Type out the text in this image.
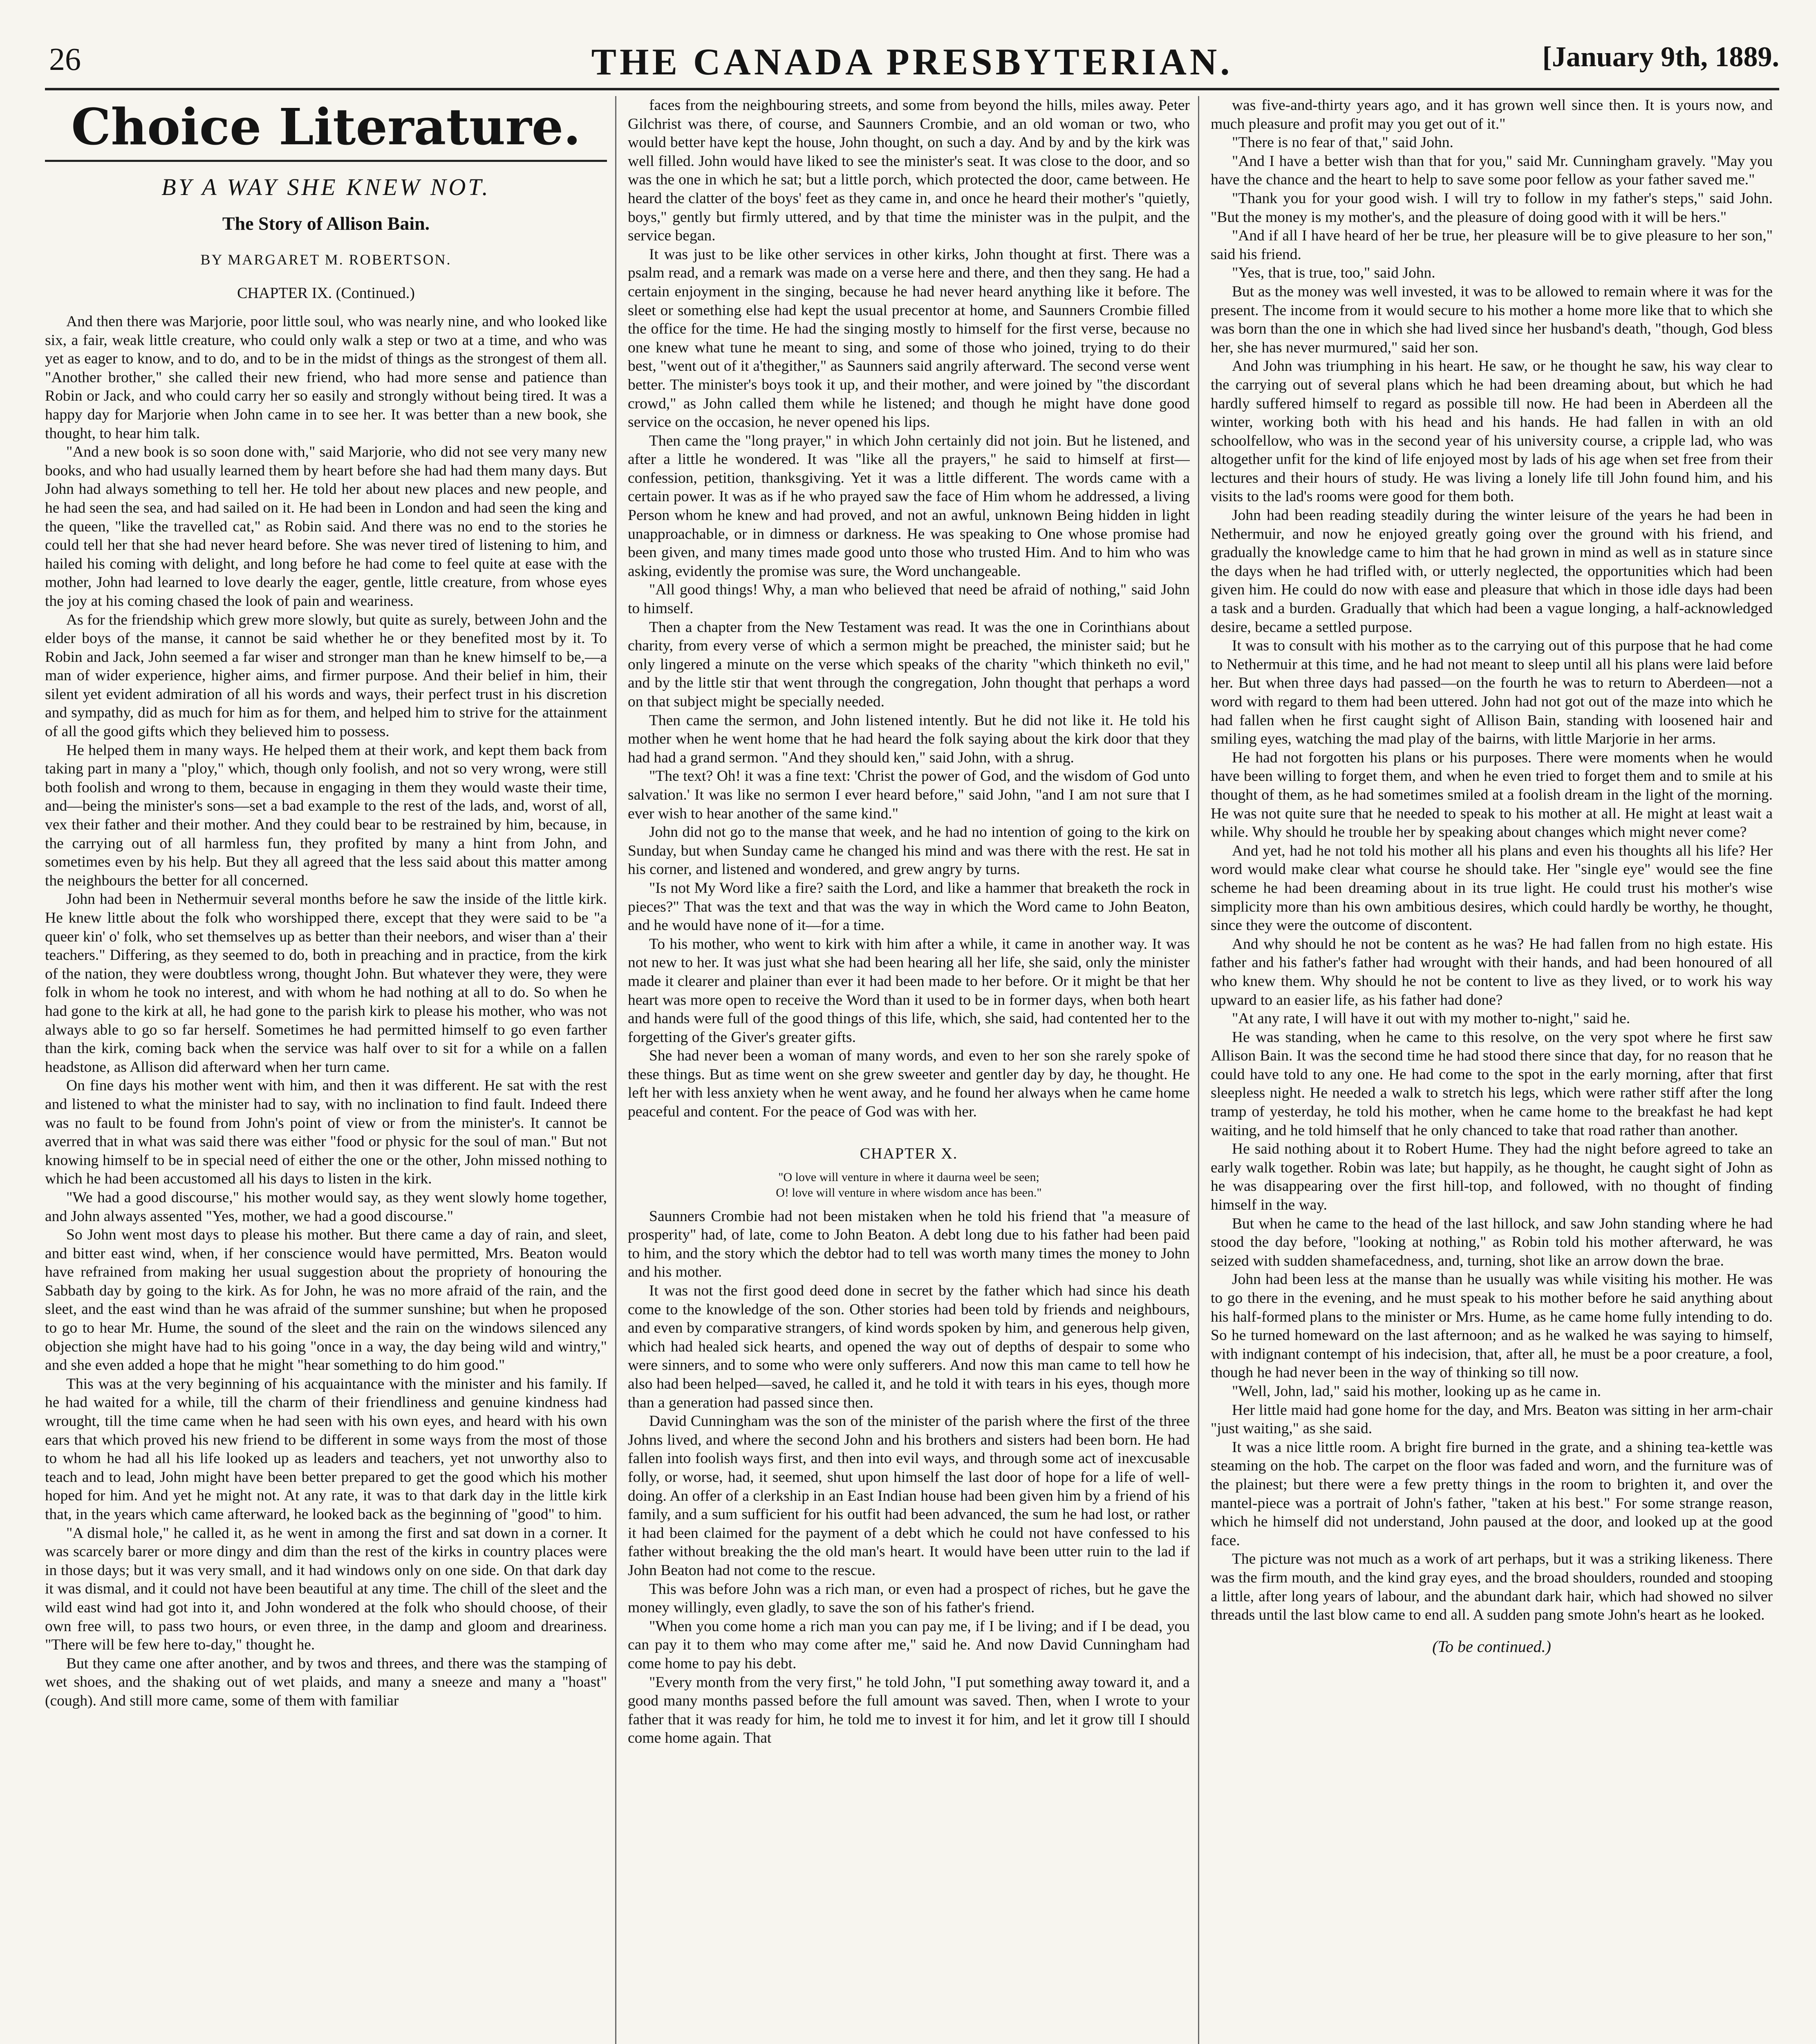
26	THE CANADA PRESBYTERIAN.	[January 9th, 1889.
Choice Literature.
BY A WAY SHE KNEW NOT.
The Story of Allison Bain.
BY MARGARET M. ROBERTSON.
CHAPTER IX. (Continued.)

And then there was Marjorie, poor little soul, who was nearly nine, and who looked like six, a fair, weak little creature, who could only walk a step or two at a time, and who was yet as eager to know, and to do, and to be in the midst of things as the strongest of them all. "Another brother," she called their new friend, who had more sense and patience than Robin or Jack, and who could carry her so easily and strongly without being tired. It was a happy day for Marjorie when John came in to see her. It was better than a new book, she thought, to hear him talk.

"And a new book is so soon done with," said Marjorie, who did not see very many new books, and who had usually learned them by heart before she had had them many days. But John had always something to tell her. He told her about new places and new people, and he had seen the sea, and had sailed on it. He had been in London and had seen the king and the queen, "like the travelled cat," as Robin said. And there was no end to the stories he could tell her that she had never heard before. She was never tired of listening to him, and hailed his coming with delight, and long before he had come to feel quite at ease with the mother, John had learned to love dearly the eager, gentle, little creature, from whose eyes the joy at his coming chased the look of pain and weariness.

As for the friendship which grew more slowly, but quite as surely, between John and the elder boys of the manse, it cannot be said whether he or they benefited most by it. To Robin and Jack, John seemed a far wiser and stronger man than he knew himself to be,—a man of wider experience, higher aims, and firmer purpose. And their belief in him, their silent yet evident admiration of all his words and ways, their perfect trust in his discretion and sympathy, did as much for him as for them, and helped him to strive for the attainment of all the good gifts which they believed him to possess.

He helped them in many ways. He helped them at their work, and kept them back from taking part in many a "ploy," which, though only foolish, and not so very wrong, were still both foolish and wrong to them, because in engaging in them they would waste their time, and—being the minister's sons—set a bad example to the rest of the lads, and, worst of all, vex their father and their mother. And they could bear to be restrained by him, because, in the carrying out of all harmless fun, they profited by many a hint from John, and sometimes even by his help. But they all agreed that the less said about this matter among the neighbours the better for all concerned.

John had been in Nethermuir several months before he saw the inside of the little kirk. He knew little about the folk who worshipped there, except that they were said to be "a queer kin' o' folk, who set themselves up as better than their neebors, and wiser than a' their teachers." Differing, as they seemed to do, both in preaching and in practice, from the kirk of the nation, they were doubtless wrong, thought John. But whatever they were, they were folk in whom he took no interest, and with whom he had nothing at all to do. So when he had gone to the kirk at all, he had gone to the parish kirk to please his mother, who was not always able to go so far herself. Sometimes he had permitted himself to go even farther than the kirk, coming back when the service was half over to sit for a while on a fallen headstone, as Allison did afterward when her turn came.

On fine days his mother went with him, and then it was different. He sat with the rest and listened to what the minister had to say, with no inclination to find fault. Indeed there was no fault to be found from John's point of view or from the minister's. It cannot be averred that in what was said there was either "food or physic for the soul of man." But not knowing himself to be in special need of either the one or the other, John missed nothing to which he had been accustomed all his days to listen in the kirk.

"We had a good discourse," his mother would say, as they went slowly home together, and John always assented "Yes, mother, we had a good discourse."

So John went most days to please his mother. But there came a day of rain, and sleet, and bitter east wind, when, if her conscience would have permitted, Mrs. Beaton would have refrained from making her usual suggestion about the propriety of honouring the Sabbath day by going to the kirk. As for John, he was no more afraid of the rain, and the sleet, and the east wind than he was afraid of the summer sunshine; but when he proposed to go to hear Mr. Hume, the sound of the sleet and the rain on the windows silenced any objection she might have had to his going "once in a way, the day being wild and wintry," and she even added a hope that he might "hear something to do him good."

This was at the very beginning of his acquaintance with the minister and his family. If he had waited for a while, till the charm of their friendliness and genuine kindness had wrought, till the time came when he had seen with his own eyes, and heard with his own ears that which proved his new friend to be different in some ways from the most of those to whom he had all his life looked up as leaders and teachers, yet not unworthy also to teach and to lead, John might have been better prepared to get the good which his mother hoped for him. And yet he might not. At any rate, it was to that dark day in the little kirk that, in the years which came afterward, he looked back as the beginning of "good" to him.

"A dismal hole," he called it, as he went in among the first and sat down in a corner. It was scarcely barer or more dingy and dim than the rest of the kirks in country places were in those days; but it was very small, and it had windows only on one side. On that dark day it was dismal, and it could not have been beautiful at any time. The chill of the sleet and the wild east wind had got into it, and John wondered at the folk who should choose, of their own free will, to pass two hours, or even three, in the damp and gloom and dreariness. "There will be few here to-day," thought he.

But they came one after another, and by twos and threes, and there was the stamping of wet shoes, and the shaking out of wet plaids, and many a sneeze and many a "hoast" (cough). And still more came, some of them with familiar

faces from the neighbouring streets, and some from beyond the hills, miles away. Peter Gilchrist was there, of course, and Saunners Crombie, and an old woman or two, who would better have kept the house, John thought, on such a day. And by and by the kirk was well filled. John would have liked to see the minister's seat. It was close to the door, and so was the one in which he sat; but a little porch, which protected the door, came between. He heard the clatter of the boys' feet as they came in, and once he heard their mother's "quietly, boys," gently but firmly uttered, and by that time the minister was in the pulpit, and the service began.

It was just to be like other services in other kirks, John thought at first. There was a psalm read, and a remark was made on a verse here and there, and then they sang. He had a certain enjoyment in the singing, because he had never heard anything like it before. The sleet or something else had kept the usual precentor at home, and Saunners Crombie filled the office for the time. He had the singing mostly to himself for the first verse, because no one knew what tune he meant to sing, and some of those who joined, trying to do their best, "went out of it a'thegither," as Saunners said angrily afterward. The second verse went better. The minister's boys took it up, and their mother, and were joined by "the discordant crowd," as John called them while he listened; and though he might have done good service on the occasion, he never opened his lips.

Then came the "long prayer," in which John certainly did not join. But he listened, and after a little he wondered. It was "like all the prayers," he said to himself at first—confession, petition, thanksgiving. Yet it was a little different. The words came with a certain power. It was as if he who prayed saw the face of Him whom he addressed, a living Person whom he knew and had proved, and not an awful, unknown Being hidden in light unapproachable, or in dimness or darkness. He was speaking to One whose promise had been given, and many times made good unto those who trusted Him. And to him who was asking, evidently the promise was sure, the Word unchangeable.

"All good things! Why, a man who believed that need be afraid of nothing," said John to himself.

Then a chapter from the New Testament was read. It was the one in Corinthians about charity, from every verse of which a sermon might be preached, the minister said; but he only lingered a minute on the verse which speaks of the charity "which thinketh no evil," and by the little stir that went through the congregation, John thought that perhaps a word on that subject might be specially needed.

Then came the sermon, and John listened intently. But he did not like it. He told his mother when he went home that he had heard the folk saying about the kirk door that they had had a grand sermon. "And they should ken," said John, with a shrug.

"The text? Oh! it was a fine text: 'Christ the power of God, and the wisdom of God unto salvation.' It was like no sermon I ever heard before," said John, "and I am not sure that I ever wish to hear another of the same kind."

John did not go to the manse that week, and he had no intention of going to the kirk on Sunday, but when Sunday came he changed his mind and was there with the rest. He sat in his corner, and listened and wondered, and grew angry by turns.

"Is not My Word like a fire? saith the Lord, and like a hammer that breaketh the rock in pieces?" That was the text and that was the way in which the Word came to John Beaton, and he would have none of it—for a time.

To his mother, who went to kirk with him after a while, it came in another way. It was not new to her. It was just what she had been hearing all her life, she said, only the minister made it clearer and plainer than ever it had been made to her before. Or it might be that her heart was more open to receive the Word than it used to be in former days, when both heart and hands were full of the good things of this life, which, she said, had contented her to the forgetting of the Giver's greater gifts.

She had never been a woman of many words, and even to her son she rarely spoke of these things. But as time went on she grew sweeter and gentler day by day, he thought. He left her with less anxiety when he went away, and he found her always when he came home peaceful and content. For the peace of God was with her.

CHAPTER X.
"O love will venture in where it daurna weel be seen;
O! love will venture in where wisdom ance has been."

Saunners Crombie had not been mistaken when he told his friend that "a measure of prosperity" had, of late, come to John Beaton. A debt long due to his father had been paid to him, and the story which the debtor had to tell was worth many times the money to John and his mother.

It was not the first good deed done in secret by the father which had since his death come to the knowledge of the son. Other stories had been told by friends and neighbours, and even by comparative strangers, of kind words spoken by him, and generous help given, which had healed sick hearts, and opened the way out of depths of despair to some who were sinners, and to some who were only sufferers. And now this man came to tell how he also had been helped—saved, he called it, and he told it with tears in his eyes, though more than a generation had passed since then.

David Cunningham was the son of the minister of the parish where the first of the three Johns lived, and where the second John and his brothers and sisters had been born. He had fallen into foolish ways first, and then into evil ways, and through some act of inexcusable folly, or worse, had, it seemed, shut upon himself the last door of hope for a life of well-doing. An offer of a clerkship in an East Indian house had been given him by a friend of his family, and a sum sufficient for his outfit had been advanced, the sum he had lost, or rather it had been claimed for the payment of a debt which he could not have confessed to his father without breaking the the old man's heart. It would have been utter ruin to the lad if John Beaton had not come to the rescue.

This was before John was a rich man, or even had a prospect of riches, but he gave the money willingly, even gladly, to save the son of his father's friend.

"When you come home a rich man you can pay me, if I be living; and if I be dead, you can pay it to them who may come after me," said he. And now David Cunningham had come home to pay his debt.

"Every month from the very first," he told John, "I put something away toward it, and a good many months passed before the full amount was saved. Then, when I wrote to your father that it was ready for him, he told me to invest it for him, and let it grow till I should come home again. That

was five-and-thirty years ago, and it has grown well since then. It is yours now, and much pleasure and profit may you get out of it."

"There is no fear of that," said John.

"And I have a better wish than that for you," said Mr. Cunningham gravely. "May you have the chance and the heart to help to save some poor fellow as your father saved me."

"Thank you for your good wish. I will try to follow in my father's steps," said John. "But the money is my mother's, and the pleasure of doing good with it will be hers."

"And if all I have heard of her be true, her pleasure will be to give pleasure to her son," said his friend.

"Yes, that is true, too," said John.

But as the money was well invested, it was to be allowed to remain where it was for the present. The income from it would secure to his mother a home more like that to which she was born than the one in which she had lived since her husband's death, "though, God bless her, she has never murmured," said her son.

And John was triumphing in his heart. He saw, or he thought he saw, his way clear to the carrying out of several plans which he had been dreaming about, but which he had hardly suffered himself to regard as possible till now. He had been in Aberdeen all the winter, working both with his head and his hands. He had fallen in with an old schoolfellow, who was in the second year of his university course, a cripple lad, who was altogether unfit for the kind of life enjoyed most by lads of his age when set free from their lectures and their hours of study. He was living a lonely life till John found him, and his visits to the lad's rooms were good for them both.

John had been reading steadily during the winter leisure of the years he had been in Nethermuir, and now he enjoyed greatly going over the ground with his friend, and gradually the knowledge came to him that he had grown in mind as well as in stature since the days when he had trifled with, or utterly neglected, the opportunities which had been given him. He could do now with ease and pleasure that which in those idle days had been a task and a burden. Gradually that which had been a vague longing, a half-acknowledged desire, became a settled purpose.

It was to consult with his mother as to the carrying out of this purpose that he had come to Nethermuir at this time, and he had not meant to sleep until all his plans were laid before her. But when three days had passed—on the fourth he was to return to Aberdeen—not a word with regard to them had been uttered. John had not got out of the maze into which he had fallen when he first caught sight of Allison Bain, standing with loosened hair and smiling eyes, watching the mad play of the bairns, with little Marjorie in her arms.

He had not forgotten his plans or his purposes. There were moments when he would have been willing to forget them, and when he even tried to forget them and to smile at his thought of them, as he had sometimes smiled at a foolish dream in the light of the morning. He was not quite sure that he needed to speak to his mother at all. He might at least wait a while. Why should he trouble her by speaking about changes which might never come?

And yet, had he not told his mother all his plans and even his thoughts all his life? Her word would make clear what course he should take. Her "single eye" would see the fine scheme he had been dreaming about in its true light. He could trust his mother's wise simplicity more than his own ambitious desires, which could hardly be worthy, he thought, since they were the outcome of discontent.

And why should he not be content as he was? He had fallen from no high estate. His father and his father's father had wrought with their hands, and had been honoured of all who knew them. Why should he not be content to live as they lived, or to work his way upward to an easier life, as his father had done?

"At any rate, I will have it out with my mother to-night," said he.

He was standing, when he came to this resolve, on the very spot where he first saw Allison Bain. It was the second time he had stood there since that day, for no reason that he could have told to any one. He had come to the spot in the early morning, after that first sleepless night. He needed a walk to stretch his legs, which were rather stiff after the long tramp of yesterday, he told his mother, when he came home to the breakfast he had kept waiting, and he told himself that he only chanced to take that road rather than another.

He said nothing about it to Robert Hume. They had the night before agreed to take an early walk together. Robin was late; but happily, as he thought, he caught sight of John as he was disappearing over the first hill-top, and followed, with no thought of finding himself in the way.

But when he came to the head of the last hillock, and saw John standing where he had stood the day before, "looking at nothing," as Robin told his mother afterward, he was seized with sudden shamefacedness, and, turning, shot like an arrow down the brae.

John had been less at the manse than he usually was while visiting his mother. He was to go there in the evening, and he must speak to his mother before he said anything about his half-formed plans to the minister or Mrs. Hume, as he came home fully intending to do. So he turned homeward on the last afternoon; and as he walked he was saying to himself, with indignant contempt of his indecision, that, after all, he must be a poor creature, a fool, though he had never been in the way of thinking so till now.

"Well, John, lad," said his mother, looking up as he came in.

Her little maid had gone home for the day, and Mrs. Beaton was sitting in her arm-chair "just waiting," as she said.

It was a nice little room. A bright fire burned in the grate, and a shining tea-kettle was steaming on the hob. The carpet on the floor was faded and worn, and the furniture was of the plainest; but there were a few pretty things in the room to brighten it, and over the mantel-piece was a portrait of John's father, "taken at his best." For some strange reason, which he himself did not understand, John paused at the door, and looked up at the good face.

The picture was not much as a work of art perhaps, but it was a striking likeness. There was the firm mouth, and the kind gray eyes, and the broad shoulders, rounded and stooping a little, after long years of labour, and the abundant dark hair, which had showed no silver threads until the last blow came to end all. A sudden pang smote John's heart as he looked.

(To be continued.)
